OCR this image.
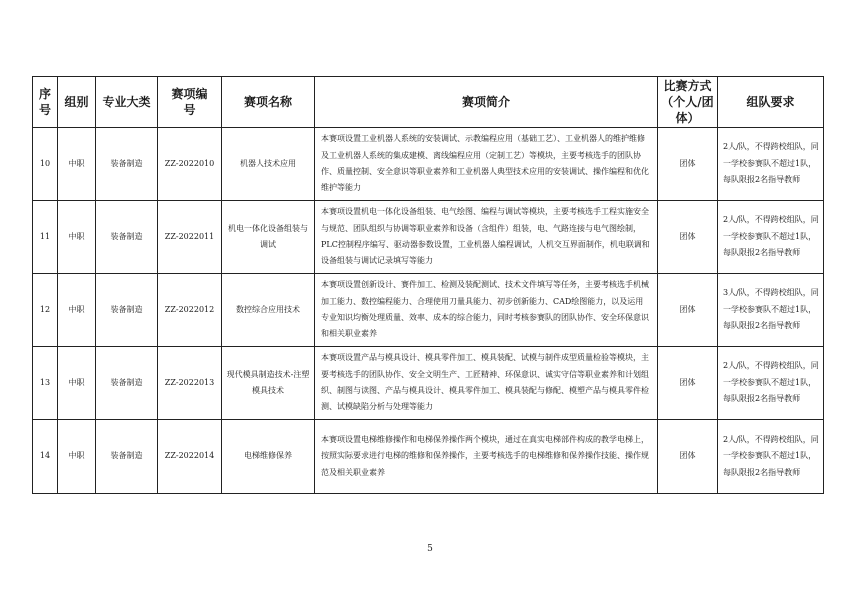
序号	组别	专业大类	赛项编号	赛项名称	赛项简介	比赛方式（个人/团体）	组队要求
10	中职	装备制造	ZZ-2022010	机器人技术应用	本赛项设置工业机器人系统的安装调试、示教编程应用（基础工艺）、工业机器人的维护维修及工业机器人系统的集成建模、离线编程应用（定制工艺）等模块，主要考核选手的团队协作、质量控制、安全意识等职业素养和工业机器人典型技术应用的安装调试、操作编程和优化维护等能力	团体	2人/队，不得跨校组队，同一学校参赛队不超过1队，每队限报2名指导教师
11	中职	装备制造	ZZ-2022011	机电一体化设备组装与调试	本赛项设置机电一体化设备组装、电气绘图、编程与调试等模块，主要考核选手工程实施安全与规范、团队组织与协调等职业素养和设备（含组件）组装，电、气路连接与电气图绘制，PLC控制程序编写、驱动器参数设置，工业机器人编程调试，人机交互界面制作，机电联调和设备组装与调试记录填写等能力	团体	2人/队，不得跨校组队，同一学校参赛队不超过1队，每队限报2名指导教师
12	中职	装备制造	ZZ-2022012	数控综合应用技术	本赛项设置创新设计、赛件加工、检测及装配测试、技术文件填写等任务，主要考核选手机械加工能力、数控编程能力、合理使用刀量具能力、初步创新能力、CAD绘图能力，以及运用专业知识均衡处理质量、效率、成本的综合能力，同时考核参赛队的团队协作、安全环保意识和相关职业素养	团体	3人/队，不得跨校组队，同一学校参赛队不超过1队，每队限报2名指导教师
13	中职	装备制造	ZZ-2022013	现代模具制造技术-注塑模具技术	本赛项设置产品与模具设计、模具零件加工、模具装配、试模与制件成型质量检验等模块，主要考核选手的团队协作、安全文明生产、工匠精神、环保意识、诚实守信等职业素养和计划组织、制图与读图、产品与模具设计、模具零件加工、模具装配与修配、模塑产品与模具零件检测、试模缺陷分析与处理等能力	团体	2人/队，不得跨校组队，同一学校参赛队不超过1队，每队限报2名指导教师
14	中职	装备制造	ZZ-2022014	电梯维修保养	本赛项设置电梯维修操作和电梯保养操作两个模块，通过在真实电梯部件构成的教学电梯上，按照实际要求进行电梯的维修和保养操作，主要考核选手的电梯维修和保养操作技能、操作规范及相关职业素养	团体	2人/队，不得跨校组队，同一学校参赛队不超过1队，每队限报2名指导教师
5
